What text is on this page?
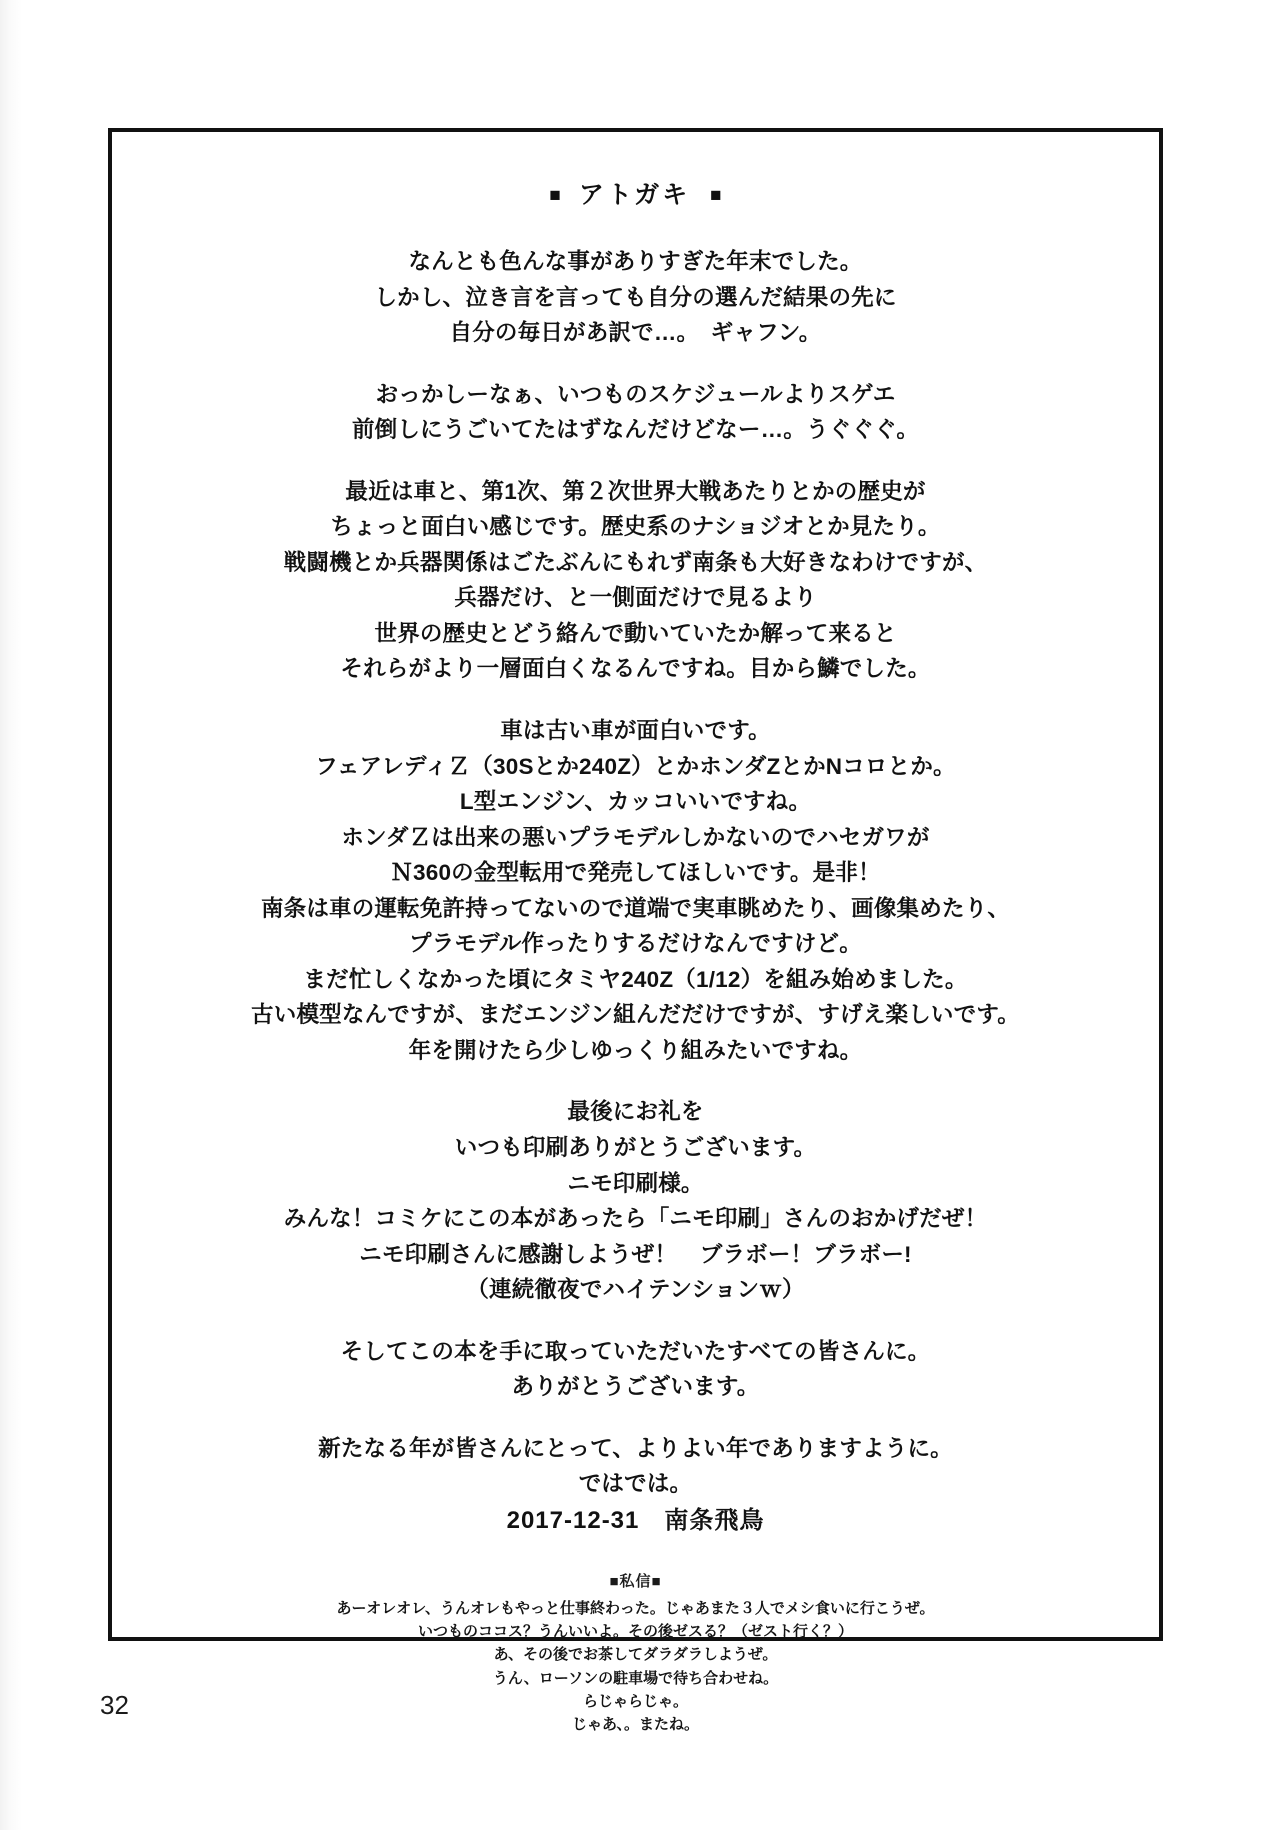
■ アトガキ ■

なんとも色んな事がありすぎた年末でした。
しかし、泣き言を言っても自分の選んだ結果の先に
自分の毎日があ訳で…。　ギャフン。

おっかしーなぁ、いつものスケジュールよりスゲエ
前倒しにうごいてたはずなんだけどなー…。うぐぐぐ。

最近は車と、第1次、第２次世界大戦あたりとかの歴史が
ちょっと面白い感じです。歴史系のナショジオとか見たり。
戦闘機とか兵器関係はごたぶんにもれず南条も大好きなわけですが、
兵器だけ、と一側面だけで見るより
世界の歴史とどう絡んで動いていたか解って来ると
それらがより一層面白くなるんですね。目から鱗でした。

車は古い車が面白いです。
フェアレディＺ（30Sとか240Z）とかホンダZとかNコロとか。
L型エンジン、カッコいいですね。
ホンダＺは出来の悪いプラモデルしかないのでハセガワが
Ｎ360の金型転用で発売してほしいです。是非！
南条は車の運転免許持ってないので道端で実車眺めたり、画像集めたり、
プラモデル作ったりするだけなんですけど。
まだ忙しくなかった頃にタミヤ240Z（1/12）を組み始めました。
古い模型なんですが、まだエンジン組んだだけですが、すげえ楽しいです。
年を開けたら少しゆっくり組みたいですね。

最後にお礼を
いつも印刷ありがとうございます。
ニモ印刷様。
みんな！コミケにこの本があったら「ニモ印刷」さんのおかげだぜ！
ニモ印刷さんに感謝しようぜ！　ブラボー！ブラボー!
（連続徹夜でハイテンションｗ）

そしてこの本を手に取っていただいたすべての皆さんに。
ありがとうございます。

新たなる年が皆さんにとって、よりよい年でありますように。
ではでは。
2017-12-31　南条飛鳥

■私信■
あーオレオレ、うんオレもやっと仕事終わった。じゃあまた３人でメシ食いに行こうぜ。
いつものココス？うんいいよ。その後ゼスる？（ゼスト行く？）
あ、その後でお茶してダラダラしようぜ。
うん、ローソンの駐車場で待ち合わせね。
らじゃらじゃ。
じゃあ、。またね。
32
